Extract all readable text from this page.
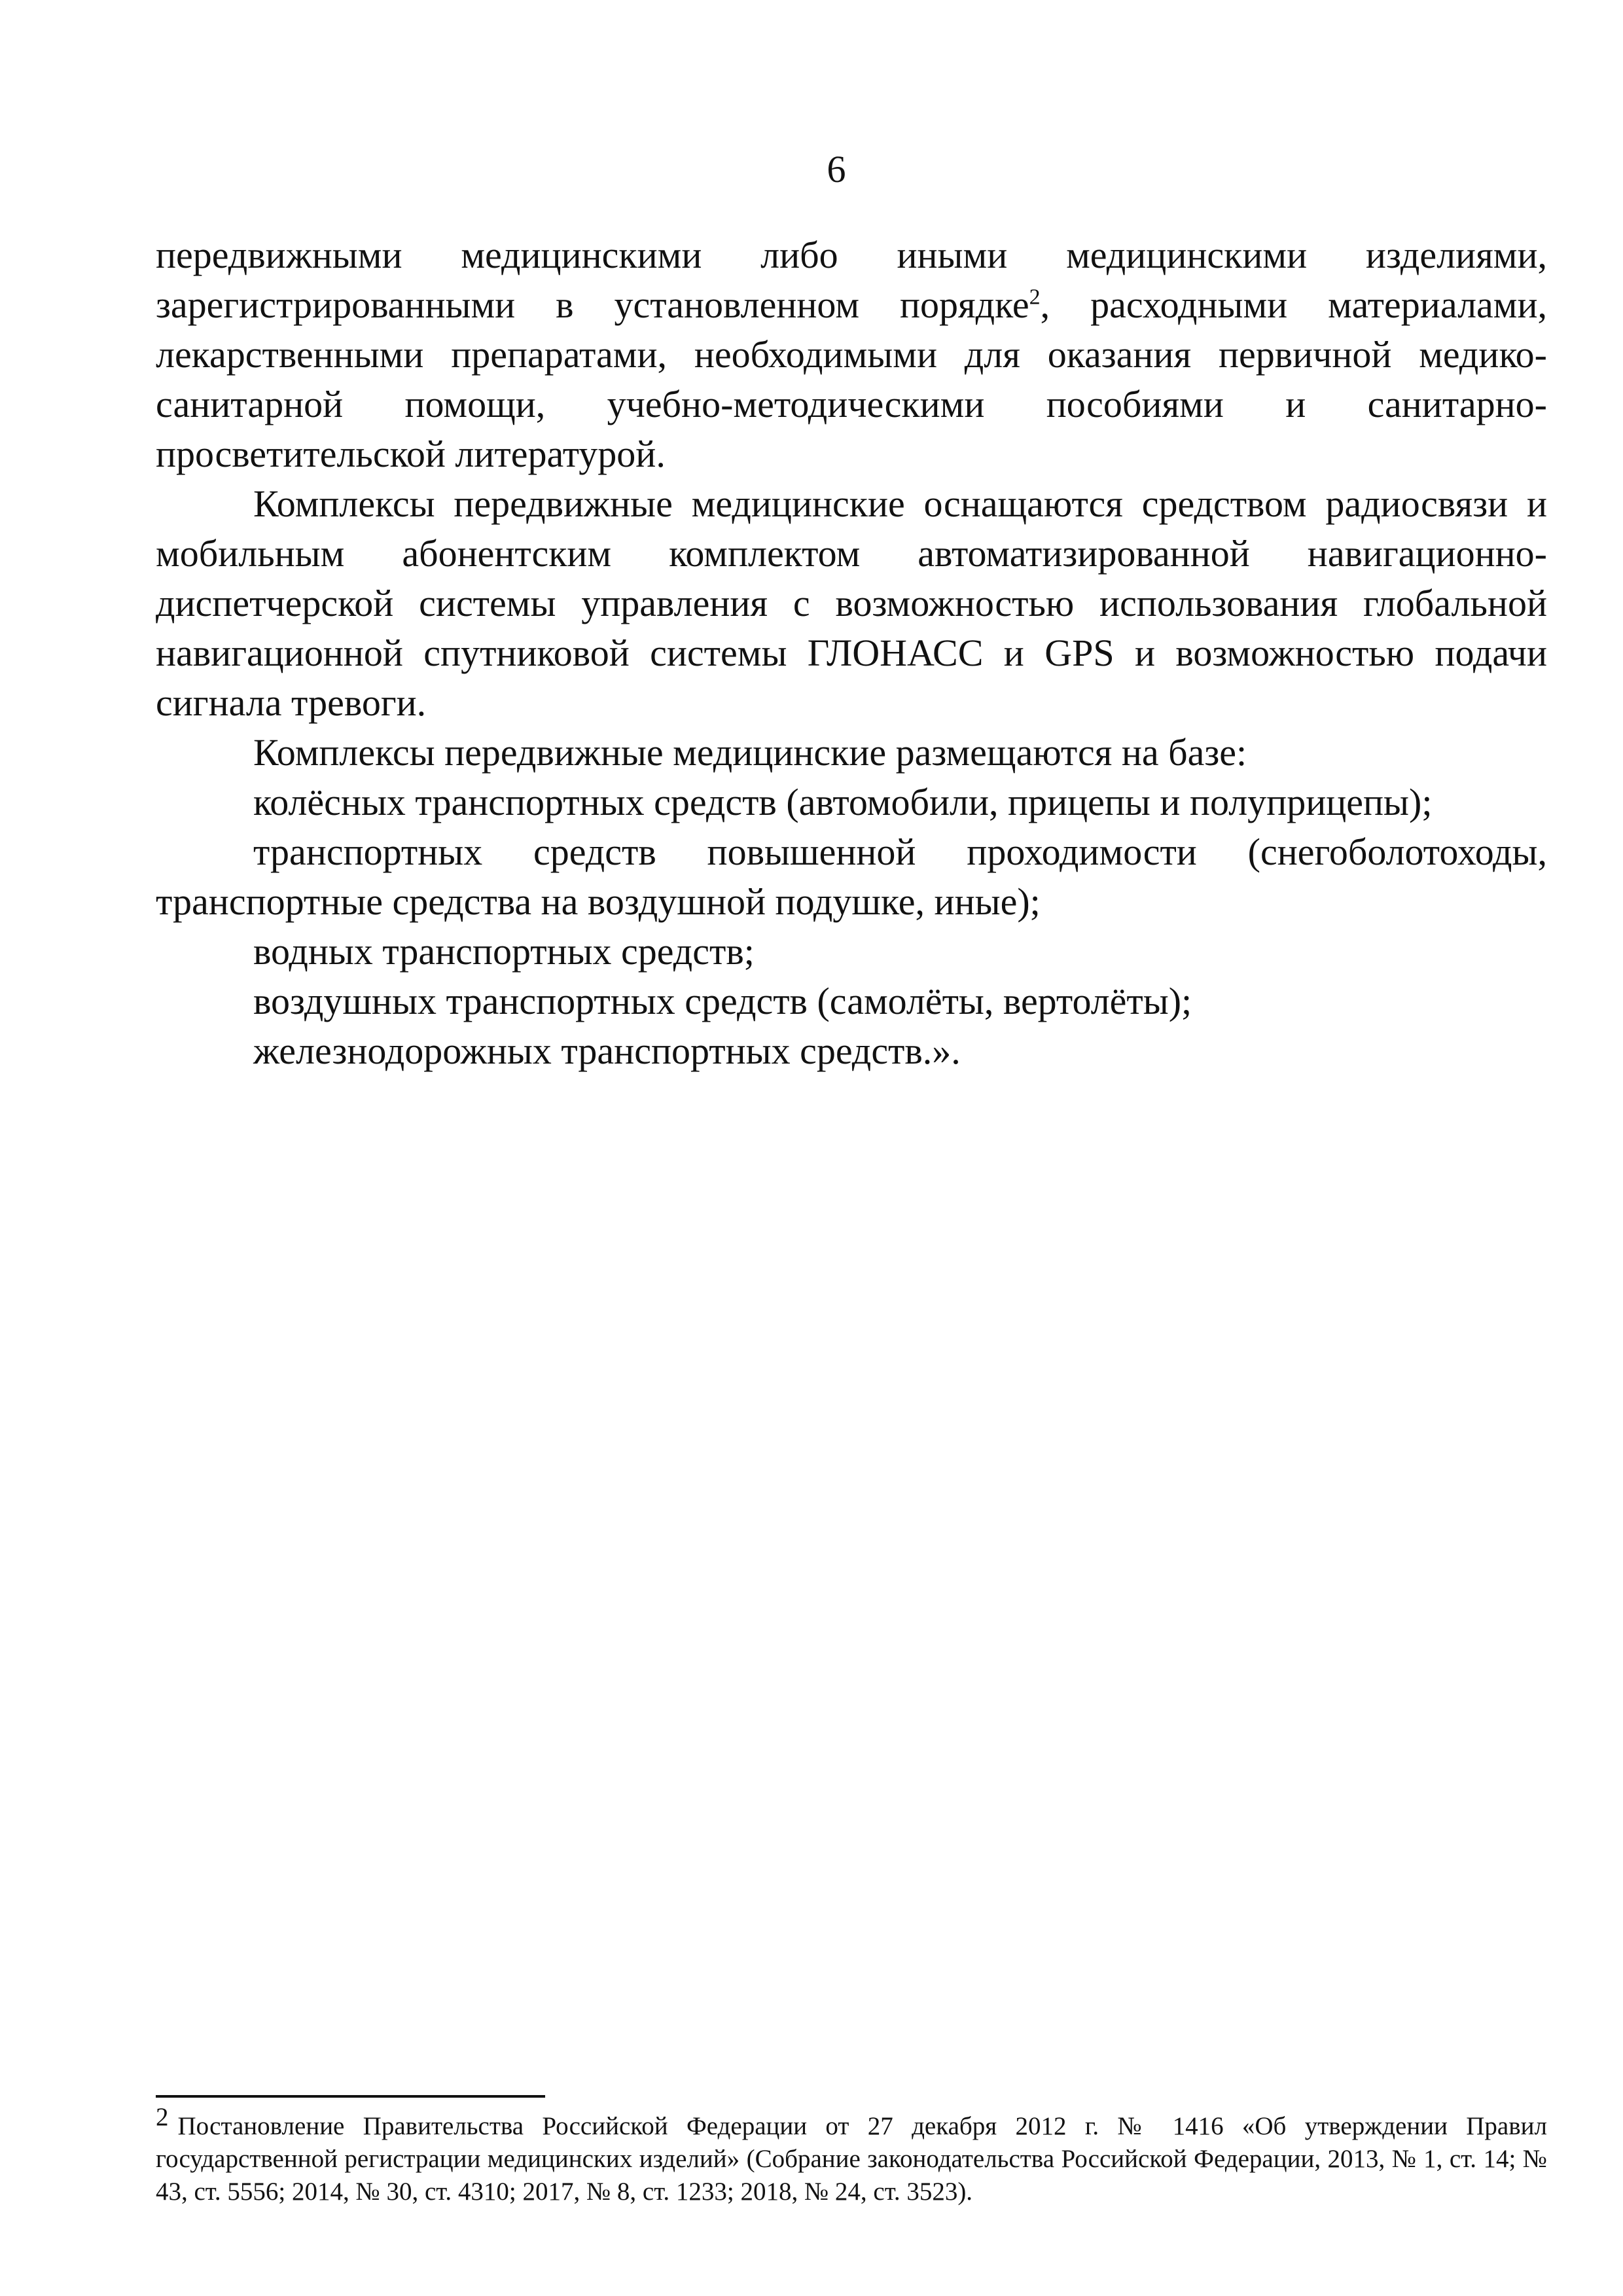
6

передвижными медицинскими либо иными медицинскими изделиями, зарегистрированными в установленном порядке$^2$, расходными материалами, лекарственными препаратами, необходимыми для оказания первичной медико-санитарной помощи, учебно-методическими пособиями и санитарно-просветительской литературой.

Комплексы передвижные медицинские оснащаются средством радиосвязи и мобильным абонентским комплектом автоматизированной навигационно-диспетчерской системы управления с возможностью использования глобальной навигационной спутниковой системы ГЛОНАСС и GPS и возможностью подачи сигнала тревоги.

Комплексы передвижные медицинские размещаются на базе:

колёсных транспортных средств (автомобили, прицепы и полуприцепы);

транспортных средств повышенной проходимости (снегоболотоходы, транспортные средства на воздушной подушке, иные);

водных транспортных средств;

воздушных транспортных средств (самолёты, вертолёты);

железнодорожных транспортных средств.».

2 Постановление Правительства Российской Федерации от 27 декабря 2012 г. № 1416 «Об утверждении Правил государственной регистрации медицинских изделий» (Собрание законодательства Российской Федерации, 2013, № 1, ст. 14; № 43, ст. 5556; 2014, № 30, ст. 4310; 2017, № 8, ст. 1233; 2018, № 24, ст. 3523).
